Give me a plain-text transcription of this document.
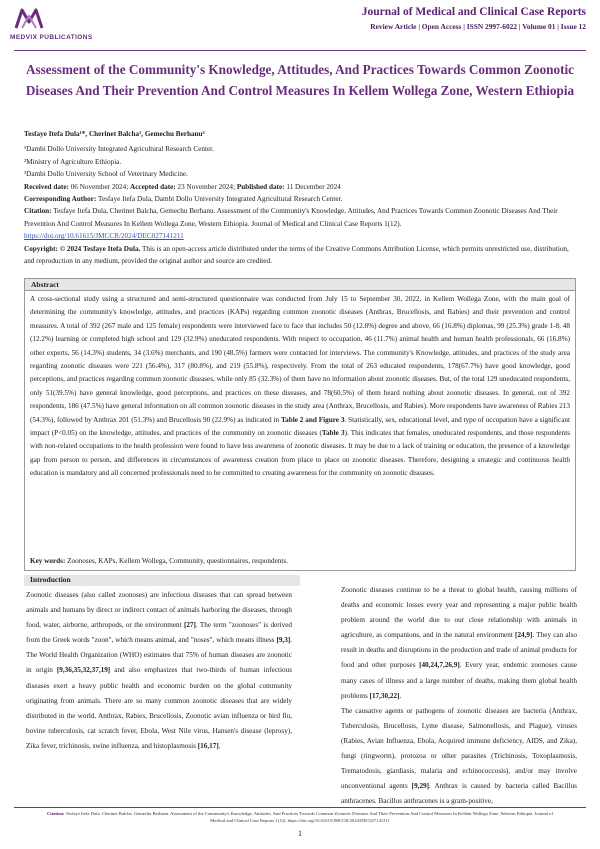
MEDVIX PUBLICATIONS
Journal of Medical and Clinical Case Reports
Review Article | Open Access | ISSN 2997-6022 | Volume 01 | Issue 12
Assessment of the Community's Knowledge, Attitudes, And Practices Towards Common Zoonotic Diseases And Their Prevention And Control Measures In Kellem Wollega Zone, Western Ethiopia

Tesfaye Itefa Dula¹*, Cherinet Balcha², Gemechu Berhanu³

¹Dambi Dollo University Integrated Agricultural Research Center.

²Ministry of Agriculture Ethiopia.

³Dambi Dollo University School of Veterinary Medicine.

Received date: 06 November 2024; Accepted date: 23 November 2024; Published date: 11 December 2024

Corresponding Author: Tesfaye Itefa Dula, Dambi Dollo University Integrated Agricultural Research Center.

Citation: Tesfaye Itefa Dula, Cherinet Balcha, Gemechu Berhanu. Assessment of the Community's Knowledge, Attitudes, And Practices Towards Common Zoonotic Diseases And Their Prevention And Control Measures In Kellem Wollega Zone, Western Ethiopia. Journal of Medical and Clinical Case Reports 1(12).

https://doi.org/10.61615/JMCCR/2024/DEC027141211

Copyright: © 2024 Tesfaye Itefa Dula. This is an open-access article distributed under the terms of the Creative Commons Attribution License, which permits unrestricted use, distribution, and reproduction in any medium, provided the original author and source are credited.

Abstract
A cross-sectional study using a structured and semi-structured questionnaire was conducted from July 15 to September 30, 2022, in Kellem Wollega Zone, with the main goal of determining the community's knowledge, attitudes, and practices (KAPs) regarding common zoonotic diseases (Anthrax, Brucellosis, and Rabies) and their prevention and control measures. A total of 392 (267 male and 125 female) respondents were interviewed face to face that includes 50 (12.8%) degree and above, 66 (16.8%) diplomas, 99 (25.3%) grade 1-8, 48 (12.2%) learning or completed high school and 129 (32.9%) uneducated respondents. With respect to occupation, 46 (11.7%) animal health and human health professionals, 66 (16.8%) other experts, 56 (14.3%) students, 34 (3.6%) merchants, and 190 (48.5%) farmers were contacted for interviews. The community's Knowledge, attitudes, and practices of the study area regarding zoonotic diseases were 221 (56.4%), 317 (80.8%), and 219 (55.8%), respectively. From the total of 263 educated respondents, 178(67.7%) have good knowledge, good perceptions, and practices regarding common zoonotic diseases, while only 85 (32.3%) of them have no information about zoonotic diseases. But, of the total 129 uneducated respondents, only 51(39.5%) have general knowledge, good perceptions, and practices on these diseases, and 78(60.5%) of them heard nothing about zoonotic diseases. In general, out of 392 respondents, 186 (47.5%) have general information on all common zoonotic diseases in the study area (Anthrax, Brucellosis, and Rabies). More respondents have awareness of Rabies 213 (54.3%), followed by Anthrax 201 (51.3%) and Brucellosis 90 (22.9%) as indicated in Table 2 and Figure 3. Statistically, sex, educational level, and type of occupation have a significant impact (P<0.05) on the knowledge, attitudes, and practices of the community on zoonotic diseases (Table 3). This indicates that females, uneducated respondents, and those respondents with non-related occupations to the health profession were found to have less awareness of zoonotic diseases. It may be due to a lack of training or education, the presence of a knowledge gap from person to person, and differences in circumstances of awareness creation from place to place on zoonotic diseases. Therefore, designing a strategic and continuous health education is mandatory and all concerned professionals need to be committed to creating awareness for the community on zoonotic diseases.
Key words: Zoonoses, KAPs, Kellem Wollega, Community, questionnaires, respondents.
Introduction

Zoonotic diseases (also called zoonoses) are infectious diseases that can spread between animals and humans by direct or indirect contact of animals harboring the diseases, through food, water, airborne, arthropods, or the environment [27]. The term "zoonoses" is derived from the Greek words "zoon", which means animal, and "noses", which means illness [9,3]. The World Health Organization (WHO) estimates that 75% of human diseases are zoonotic in origin [9,36,35,32,37,19] and also emphasizes that two-thirds of human infectious diseases exert a heavy public health and economic burden on the global community originating from animals. There are so many common zoonotic diseases that are widely distributed in the world. Anthrax, Rabies, Brucellosis, Zoonotic avian influenza or bird flu, bovine tuberculosis, cat scratch fever, Ebola, West Nile virus, Hansen's disease (leprosy), Zika fever, trichinosis, swine influenza, and histoplasmosis [16,17].

Zoonotic diseases continue to be a threat to global health, causing millions of deaths and economic losses every year and representing a major public health problem around the world due to our close relationship with animals in agriculture, as companions, and in the natural environment [24,9]. They can also result in deaths and disruptions in the production and trade of animal products for food and other purposes [40,24,7,26,9]. Every year, endemic zoonoses cause many cases of illness and a large number of deaths, making them global health problems [17,30,22].

The causative agents or pathogens of zoonotic diseases are bacteria (Anthrax, Tuberculosis, Brucellosis, Lyme disease, Salmonellosis, and Plague), viruses (Rabies, Avian Influenza, Ebola, Acquired immune deficiency, AIDS, and Zika), fungi (ringworm), protozoa or other parasites (Trichinosis, Toxoplasmosis, Trematodosis, giardiasis, malaria and echinococcosis), and/or may involve unconventional agents [9,29]. Anthrax is caused by bacteria called Bacillus anthracenes. Bacillus anthracenes is a gram-positive,

Citation: Tesfaye Itefa Dula, Cherinet Balcha, Gemechu Berhanu. Assessment of the Community's Knowledge, Attitudes, And Practices Towards Common Zoonotic Diseases And Their Prevention And Control Measures In Kellem Wollega Zone, Western Ethiopia. Journal of Medical and Clinical Case Reports 1(12). https://doi.org/10.61615/JMCCR/2024/DEC027141211
1
